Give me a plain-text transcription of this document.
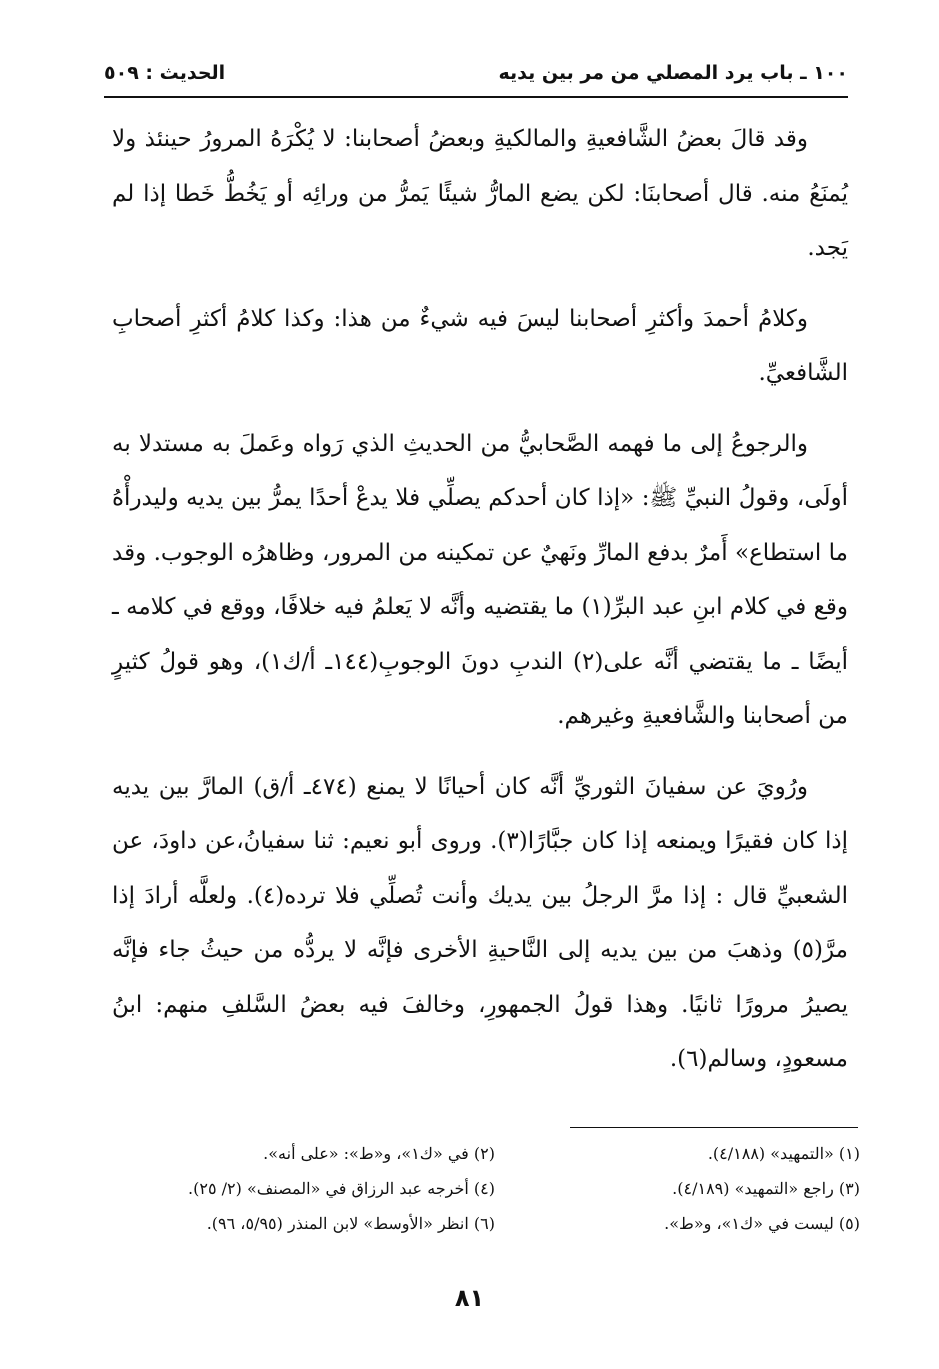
١٠٠ ـ باب يرد المصلي من مر بين يديه
الحديث : ٥٠٩

وقد قالَ بعضُ الشَّافعيةِ والمالكيةِ وبعضُ أصحابنا: لا يُكْرَهُ المرورُ حينئذ ولا يُمنَعُ منه. قال أصحابنَا: لكن يضع المارُّ شيئًا يَمرُّ من ورائِه أو يَخُطُّ خَطا إذا لم يَجد.

وكلامُ أحمدَ وأكثرِ أصحابنا ليسَ فيه شيءٌ من هذا: وكذا كلامُ أكثرِ أصحابِ الشَّافعيِّ.

والرجوعُ إلى ما فهمه الصَّحابيُّ من الحديثِ الذي رَواه وعَملَ به مستدلا به أولَى، وقولُ النبيِّ ﷺ: «إذا كان أحدكم يصلِّي فلا يدعْ أحدًا يمرُّ بين يديه وليدرأْهُ ما استطاع» أَمرٌ بدفع المارِّ ونَهيٌ عن تمكينه من المرور، وظاهرُه الوجوب. وقد وقع في كلام ابنِ عبد البرِّ(١) ما يقتضيه وأنَّه لا يَعلمُ فيه خلافًا، ووقع في كلامه ـ أيضًا ـ ما يقتضي أنَّه على(٢) الندبِ دونَ الوجوبِ(١٤٤ـ أ/ك١)، وهو قولُ كثيرٍ من أصحابنا والشَّافعيةِ وغيرهم.

ورُويَ عن سفيانَ الثوريِّ أنَّه كان أحيانًا لا يمنع (٤٧٤ـ أ/ق) المارَّ بين يديه إذا كان فقيرًا ويمنعه إذا كان جبَّارًا(٣). وروى أبو نعيم: ثنا سفيانُ،عن داودَ، عن الشعبيِّ قال : إذا مرَّ الرجلُ بين يديك وأنت تُصلِّي فلا ترده(٤). ولعلَّه أرادَ إذا مرَّ(٥) وذهبَ من بين يديه إلى النَّاحيةِ الأخرى فإنَّه لا يردُّه من حيثُ جاء فإنَّه يصيرُ مرورًا ثانيًا. وهذا قولُ الجمهورِ، وخالفَ فيه بعضُ السَّلفِ منهم: ابنُ مسعودٍ، وسالم(٦).

(١) «التمهيد» (٤/١٨٨).
(٢) في «ك١»، و«ط»: «على أنه».
(٣) راجع «التمهيد» (٤/١٨٩).
(٤) أخرجه عبد الرزاق في «المصنف» (٢/ ٢٥).
(٥) ليست في «ك١»، و«ط».
(٦) انظر «الأوسط» لابن المنذر (٥/٩٥، ٩٦).
٨١
